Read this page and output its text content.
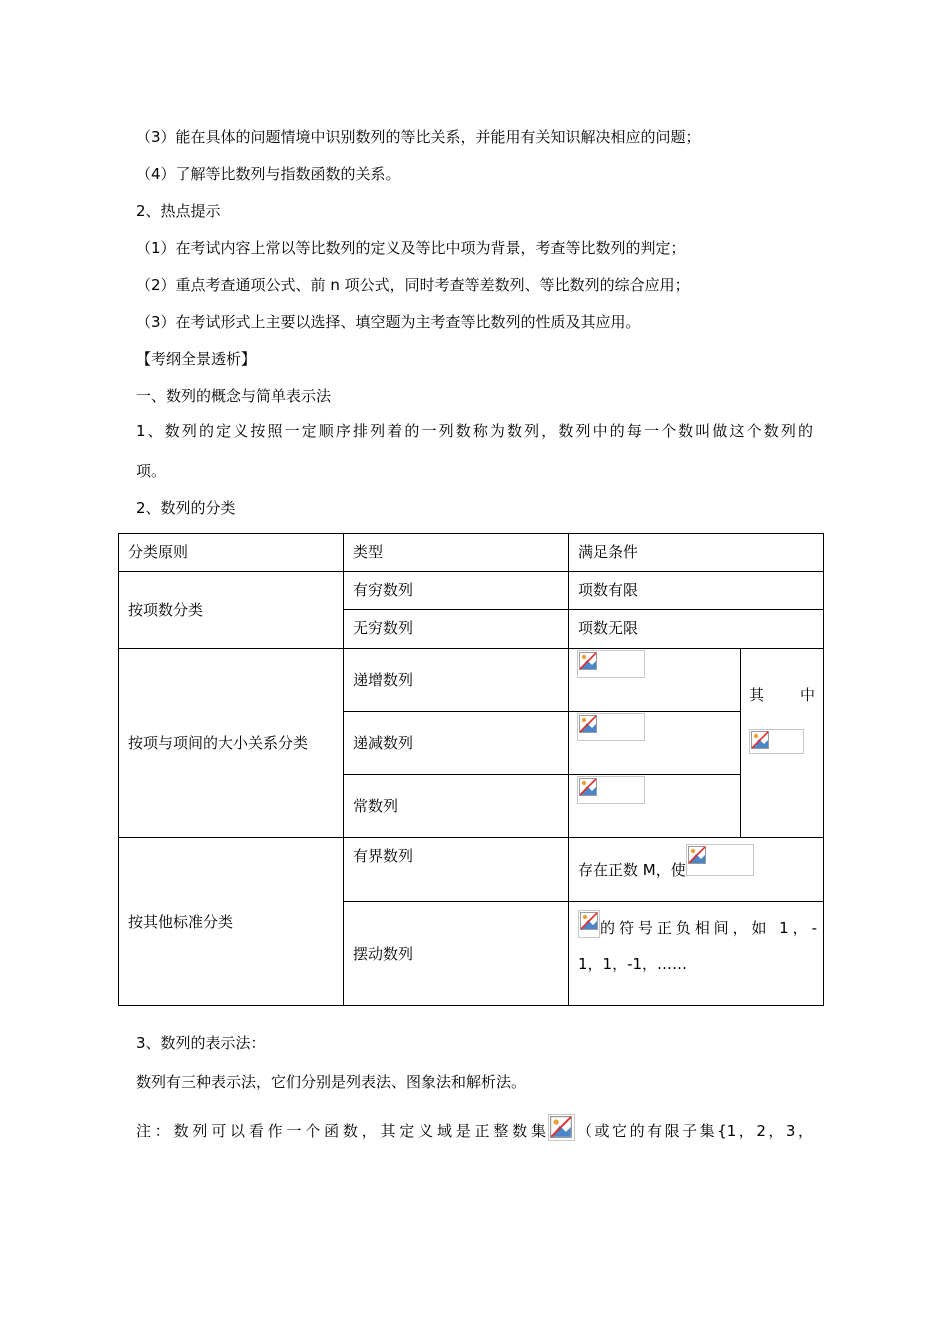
（3）能在具体的问题情境中识别数列的等比关系，并能用有关知识解决相应的问题；
（4）了解等比数列与指数函数的关系。
2、热点提示
（1）在考试内容上常以等比数列的定义及等比中项为背景，考查等比数列的判定；
（2）重点考查通项公式、前 n 项公式，同时考查等差数列、等比数列的综合应用；
（3）在考试形式上主要以选择、填空题为主考查等比数列的性质及其应用。
【考纲全景透析】
一、数列的概念与简单表示法
1、数列的定义按照一定顺序排列着的一列数称为数列，数列中的每一个数叫做这个数列的
项。
2、数列的分类
分类原则	类型	满足条件	
按项数分类	有穷数列	项数有限	
	无穷数列	项数无限	
按项与项间的大小关系分类	递增数列		其 中

	递减数列	

	常数列	

按其他标准分类	有界数列	存在正数 M，使	

	摆动数列	的符号正负相间，如 1，-
1，1，-1，……	
3、数列的表示法：
数列有三种表示法，它们分别是列表法、图象法和解析法。
注：数列可以看作一个函数，其定义域是正整数集 （或它的有限子集{1，2，3，
